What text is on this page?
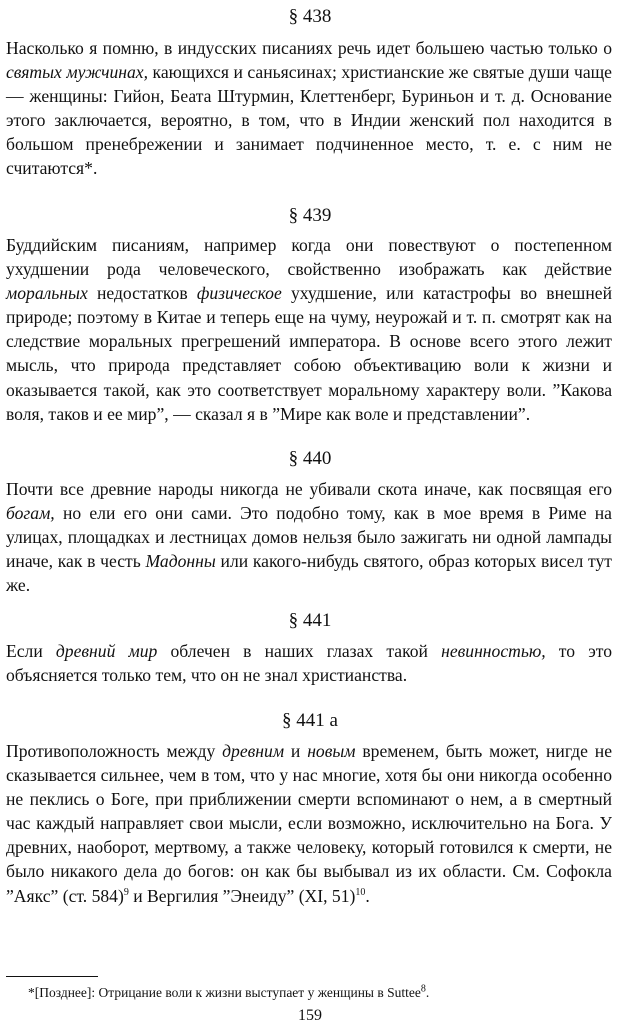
§ 438

Насколько я помню, в индусских писаниях речь идет большею частью только о святых мужчинах, кающихся и саньясинах; христианские же святые души чаще — женщины: Гийон, Беата Штурмин, Клеттенберг, Буриньон и т. д. Основание этого заключается, вероятно, в том, что в Индии женский пол находится в большом пренебрежении и занимает подчиненное место, т. е. с ним не считаются*.

§ 439

Буддийским писаниям, например когда они повествуют о постепенном ухудшении рода человеческого, свойственно изображать как действие моральных недостатков физическое ухудшение, или катастрофы во внешней природе; поэтому в Китае и теперь еще на чуму, неурожай и т. п. смотрят как на следствие моральных прегрешений императора. В основе всего этого лежит мысль, что природа представляет собою объективацию воли к жизни и оказывается такой, как это соответствует моральному характеру воли. ”Какова воля, таков и ее мир”, — сказал я в ”Мире как воле и представлении”.

§ 440

Почти все древние народы никогда не убивали скота иначе, как посвящая его богам, но ели его они сами. Это подобно тому, как в мое время в Риме на улицах, площадках и лестницах домов нельзя было зажигать ни одной лампады иначе, как в честь Мадонны или какого-нибудь святого, образ которых висел тут же.

§ 441

Если древний мир облечен в наших глазах такой невинностью, то это объясняется только тем, что он не знал христианства.

§ 441 а

Противоположность между древним и новым временем, быть может, нигде не сказывается сильнее, чем в том, что у нас многие, хотя бы они никогда особенно не пеклись о Боге, при приближении смерти вспоминают о нем, а в смертный час каждый направляет свои мысли, если возможно, исключительно на Бога. У древних, наоборот, мертвому, а также человеку, который готовился к смерти, не было никакого дела до богов: он как бы выбывал из их области. См. Софокла ”Аякс” (ст. 584)$^9$ и Вергилия ”Энеиду” (XI, 51)$^{10}$.

*[Позднее]: Отрицание воли к жизни выступает у женщины в Suttee$^8$.
159
